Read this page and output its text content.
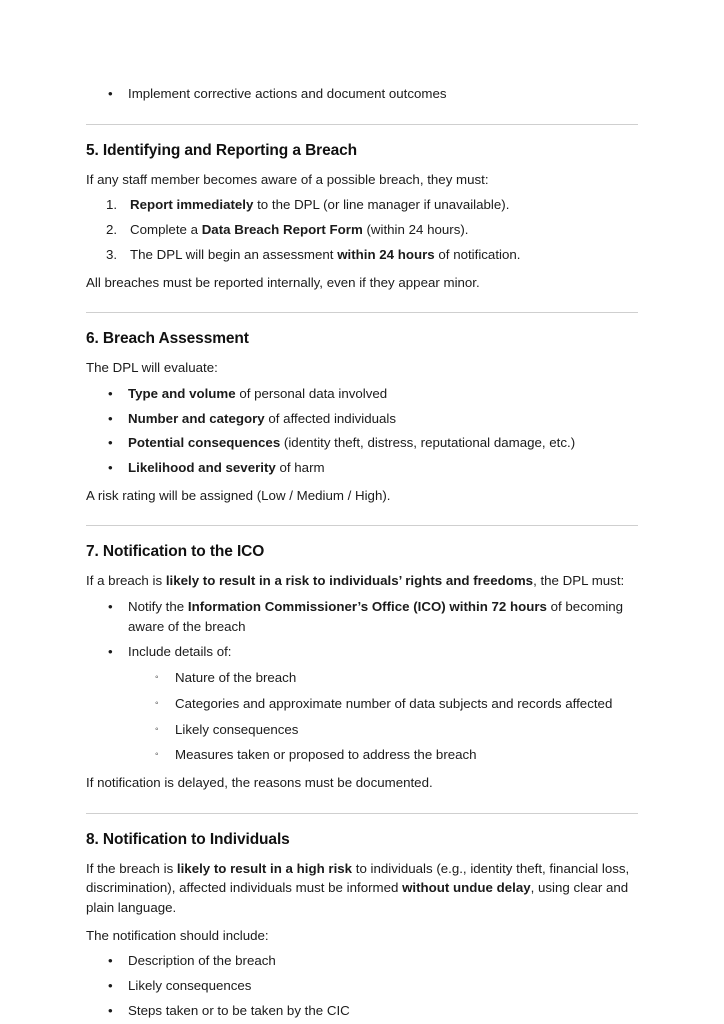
• Implement corrective actions and document outcomes
5. Identifying and Reporting a Breach

If any staff member becomes aware of a possible breach, they must:

1. Report immediately to the DPL (or line manager if unavailable).
2. Complete a Data Breach Report Form (within 24 hours).
3. The DPL will begin an assessment within 24 hours of notification.

All breaches must be reported internally, even if they appear minor.

6. Breach Assessment

The DPL will evaluate:

• Type and volume of personal data involved
• Number and category of affected individuals
• Potential consequences (identity theft, distress, reputational damage, etc.)
• Likelihood and severity of harm

A risk rating will be assigned (Low / Medium / High).

7. Notification to the ICO

If a breach is likely to result in a risk to individuals’ rights and freedoms, the DPL must:

• Notify the Information Commissioner’s Office (ICO) within 72 hours of becoming aware of the breach
• Include details of:
◦ Nature of the breach
◦ Categories and approximate number of data subjects and records affected
◦ Likely consequences
◦ Measures taken or proposed to address the breach

If notification is delayed, the reasons must be documented.

8. Notification to Individuals

If the breach is likely to result in a high risk to individuals (e.g., identity theft, financial loss, discrimination), affected individuals must be informed without undue delay, using clear and plain language.

The notification should include:

• Description of the breach
• Likely consequences
• Steps taken or to be taken by the CIC
